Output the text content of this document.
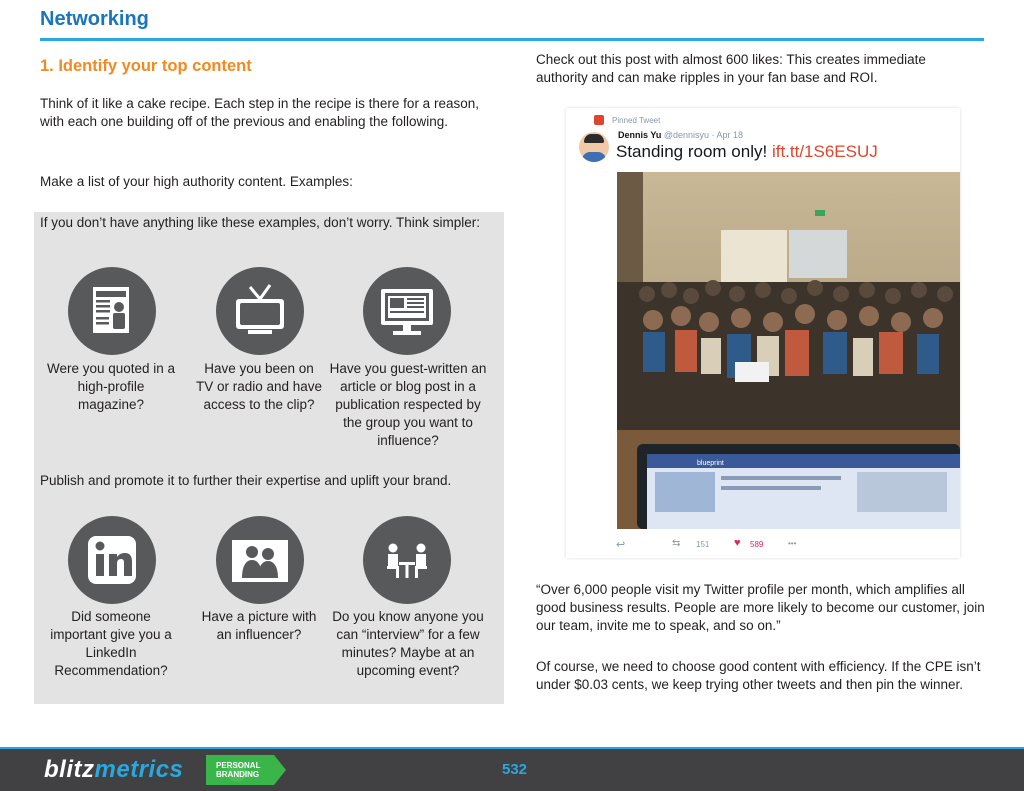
Networking
1. Identify your top content
Think of it like a cake recipe. Each step in the recipe is there for a reason, with each one building off of the previous and enabling the following.
Make a list of your high authority content. Examples:
If you don’t have anything like these examples, don’t worry. Think simpler:
Were you quoted in a high-profile magazine?
Have you been on TV or radio and have access to the clip?
Have you guest-written an article or blog post in a publication respected by the group you want to influence?
Publish and promote it to further their expertise and uplift your brand.
Did someone important give you a LinkedIn Recommendation?
Have a picture with an influencer?
Do you know anyone you can “interview” for a few minutes? Maybe at an upcoming event?
Check out this post with almost 600 likes: This creates immediate authority and can make ripples in your fan base and ROI.
Pinned Tweet
Dennis Yu @dennisyu · Apr 18
Standing room only! ift.tt/1S6ESUJ
blueprint
↩	⇆ 151 ♥ 589	•••
“Over 6,000 people visit my Twitter profile per month, which amplifies all good business results. People are more likely to become our customer, join our team, invite me to speak, and so on.”
Of course, we need to choose good content with efficiency. If the CPE isn’t under $0.03 cents, we keep trying other tweets and then pin the winner.
blitzmetrics	PERSONAL
BRANDING	532
